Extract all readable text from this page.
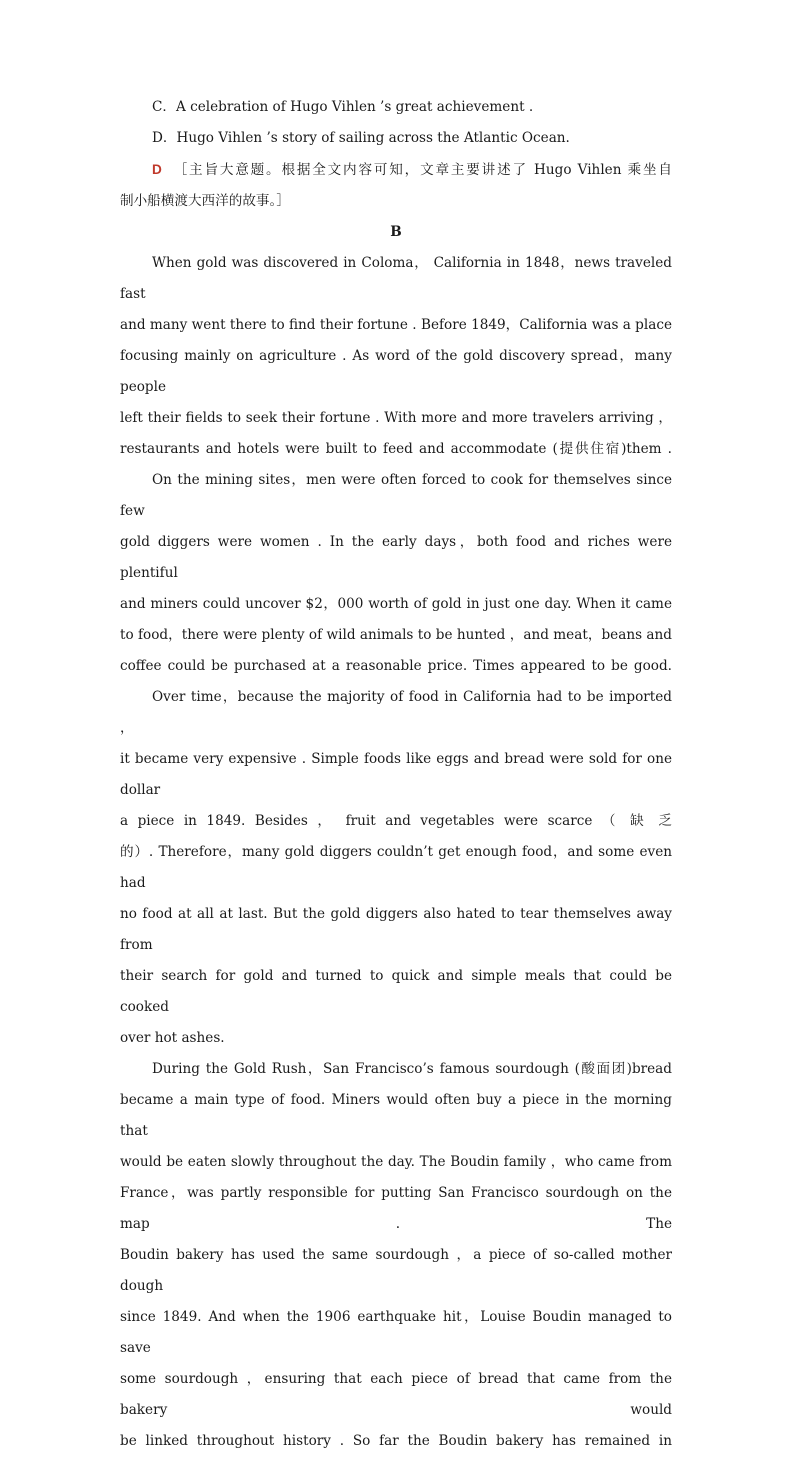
C．A celebration of Hugo Vihlen ’s great achievement .
D．Hugo Vihlen ’s story of sailing across the Atlantic Ocean.
D ［主旨大意题。根据全文内容可知，文章主要讲述了 Hugo Vihlen 乘坐自
制小船横渡大西洋的故事。］
B
When gold was discovered in Coloma， California in 1848，news traveled fast
and many went there to find their fortune . Before 1849，California was a place
focusing mainly on agriculture . As word of the gold discovery spread，many people
left their fields to seek their fortune . With more and more travelers arriving ，
restaurants and hotels were built to feed and accommodate (提供住宿)them .
On the mining sites，men were often forced to cook for themselves since few
gold diggers were women . In the early days，both food and riches were plentiful
and miners could uncover $2，000 worth of gold in just one day. When it came
to food，there were plenty of wild animals to be hunted ，and meat，beans and
coffee could be purchased at a reasonable price. Times appeared to be good.
Over time，because the majority of food in California had to be imported ，
it became very expensive . Simple foods like eggs and bread were sold for one dollar
a piece in 1849. Besides ， fruit and vegetables were scarce （ 缺 乏
的）. Therefore，many gold diggers couldn’t get enough food，and some even had
no food at all at last. But the gold diggers also hated to tear themselves away from
their search for gold and turned to quick and simple meals that could be cooked
over hot ashes.
During the Gold Rush，San Francisco’s famous sourdough (酸面团)bread
became a main type of food. Miners would often buy a piece in the morning that
would be eaten slowly throughout the day. The Boudin family ，who came from
France，was partly responsible for putting San Francisco sourdough on the map . The
Boudin bakery has used the same sourdough ，a piece of so-called mother dough
since 1849. And when the 1906 earthquake hit，Louise Boudin managed to save
some sourdough ，ensuring that each piece of bread that came from the bakery would
be linked throughout history . So far the Boudin bakery has remained in
